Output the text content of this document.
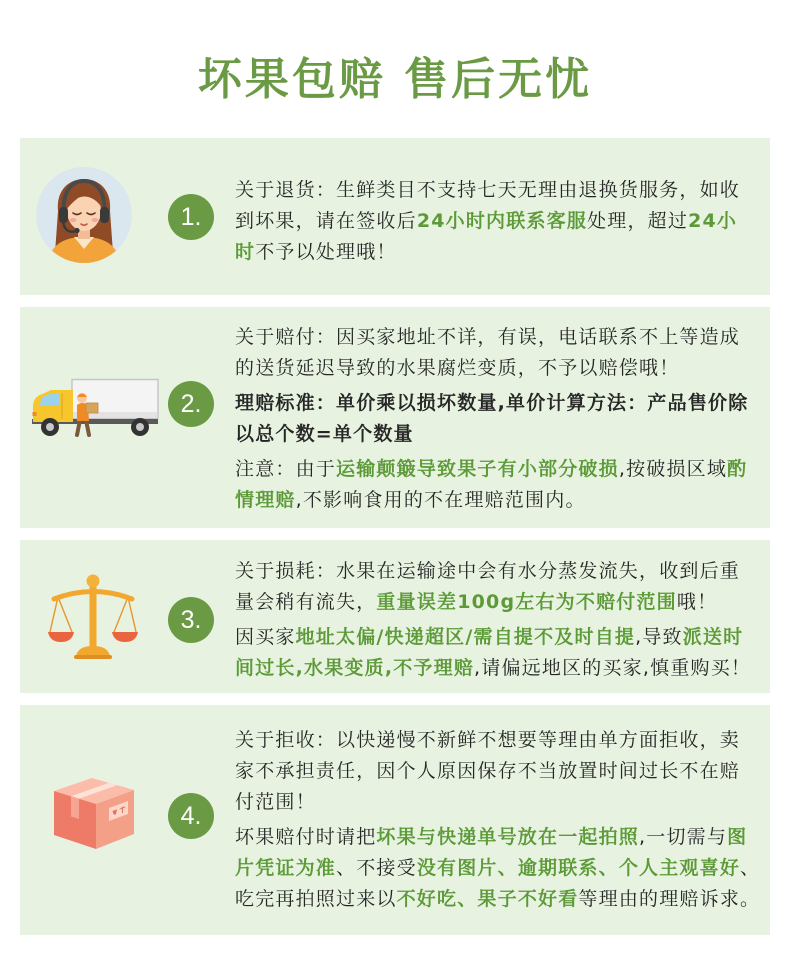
坏果包赔 售后无忧
1.
关于退货：生鲜类目不支持七天无理由退换货服务，如收
到坏果，请在签收后24小时内联系客服处理，超过24小
时不予以处理哦！
2.
关于赔付：因买家地址不详，有误，电话联系不上等造成
的送货延迟导致的水果腐烂变质，不予以赔偿哦！
理赔标准：单价乘以损坏数量,单价计算方法：产品售价除
以总个数=单个数量
注意：由于运输颠簸导致果子有小部分破损,按破损区域酌
情理赔,不影响食用的不在理赔范围内。
3.
关于损耗：水果在运输途中会有水分蒸发流失，收到后重
量会稍有流失，重量误差100g左右为不赔付范围哦！
因买家地址太偏/快递超区/需自提不及时自提,导致派送时
间过长,水果变质,不予理赔,请偏远地区的买家,慎重购买！
4.
关于拒收：以快递慢不新鲜不想要等理由单方面拒收，卖
家不承担责任，因个人原因保存不当放置时间过长不在赔
付范围！
坏果赔付时请把坏果与快递单号放在一起拍照,一切需与图
片凭证为准、不接受没有图片、逾期联系、个人主观喜好、
吃完再拍照过来以不好吃、果子不好看等理由的理赔诉求。
